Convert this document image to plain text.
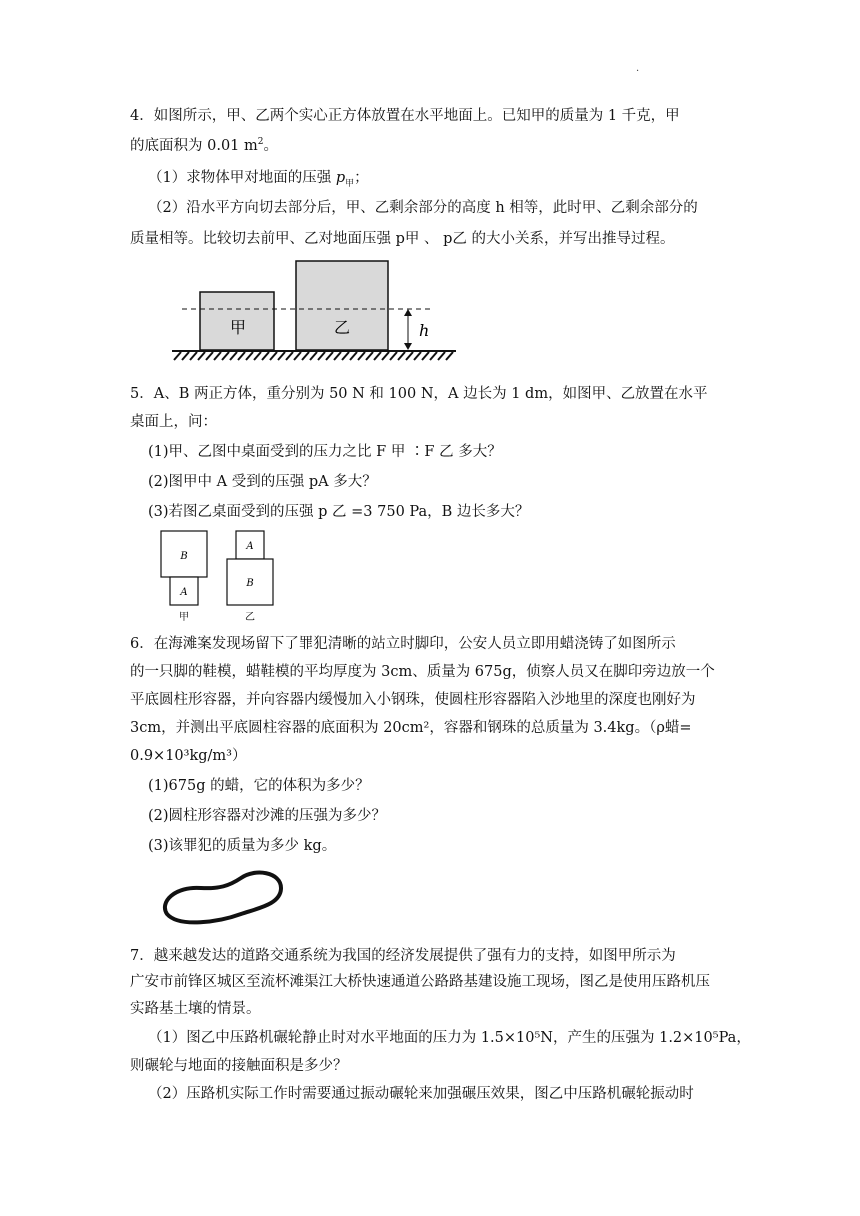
·
4．如图所示，甲、乙两个实心正方体放置在水平地面上。已知甲的质量为 1 千克，甲
的底面积为 0.01 $m^2$。
（1）求物体甲对地面的压强 $p_甲$；
（2）沿水平方向切去部分后，甲、乙剩余部分的高度 h 相等，此时甲、乙剩余部分的
质量相等。比较切去前甲、乙对地面压强 p甲 、 p乙 的大小关系，并写出推导过程。
甲	乙	h
5．A、B 两正方体，重分别为 50 N 和 100 N，A 边长为 1 dm，如图甲、乙放置在水平
桌面上，问：
(1)甲、乙图中桌面受到的压力之比 F 甲 ∶F 乙 多大？
(2)图甲中 A 受到的压强 pA 多大？
(3)若图乙桌面受到的压强 p 乙 =3 750 Pa，B 边长多大？
B
A
甲
A
B
乙
6．在海滩案发现场留下了罪犯清晰的站立时脚印，公安人员立即用蜡浇铸了如图所示
的一只脚的鞋模，蜡鞋模的平均厚度为 3cm、质量为 675g，侦察人员又在脚印旁边放一个
平底圆柱形容器，并向容器内缓慢加入小钢珠，使圆柱形容器陷入沙地里的深度也刚好为
3cm，并测出平底圆柱容器的底面积为 20cm²，容器和钢珠的总质量为 3.4kg。（ρ蜡=
0.9×10³kg/m³）
(1)675g 的蜡，它的体积为多少？
(2)圆柱形容器对沙滩的压强为多少？
(3)该罪犯的质量为多少 kg。
7．越来越发达的道路交通系统为我国的经济发展提供了强有力的支持，如图甲所示为
广安市前锋区城区至流杯滩渠江大桥快速通道公路路基建设施工现场，图乙是使用压路机压
实路基土壤的情景。
（1）图乙中压路机碾轮静止时对水平地面的压力为 1.5×10⁵N，产生的压强为 1.2×10⁵Pa，
则碾轮与地面的接触面积是多少？
（2）压路机实际工作时需要通过振动碾轮来加强碾压效果，图乙中压路机碾轮振动时
